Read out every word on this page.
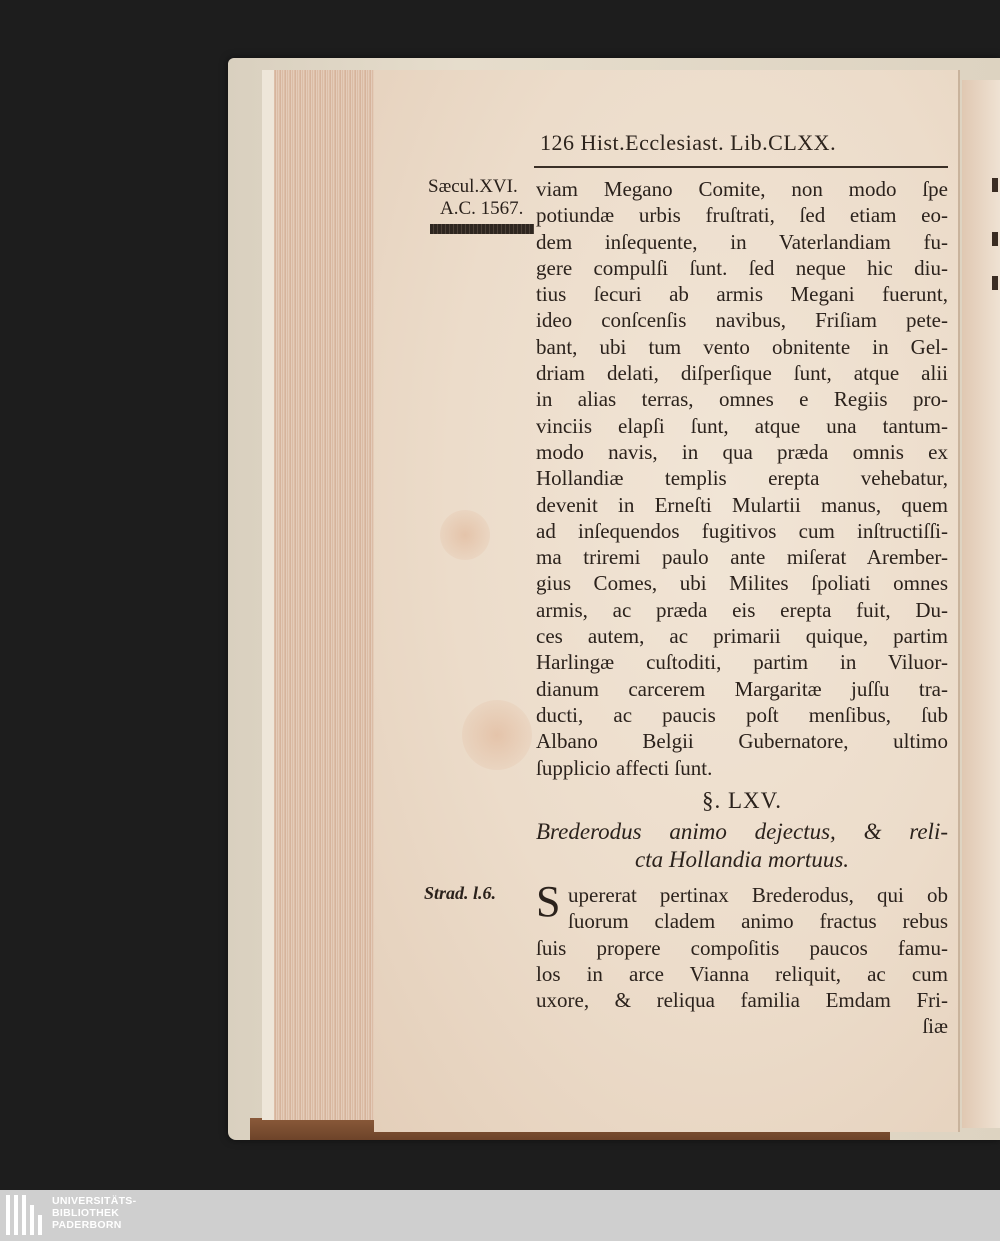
126 Hist.Ecclesiast. Lib.CLXX.
Sæcul.XVI.
A.C. 1567.
viam Megano Comite, non modo ſpe
potiundæ urbis fruſtrati, ſed etiam eo-
dem inſequente, in Vaterlandiam fu-
gere compulſi ſunt. ſed neque hic diu-
tius ſecuri ab armis Megani fuerunt,
ideo conſcenſis navibus, Friſiam pete-
bant, ubi tum vento obnitente in Gel-
driam delati, diſperſique ſunt, atque alii
in alias terras, omnes e Regiis pro-
vinciis elapſi ſunt, atque una tantum-
modo navis, in qua præda omnis ex
Hollandiæ templis erepta vehebatur,
devenit in Erneſti Mulartii manus, quem
ad inſequendos fugitivos cum inſtructiſſi-
ma triremi paulo ante miſerat Arember-
gius Comes, ubi Milites ſpoliati omnes
armis, ac præda eis erepta fuit, Du-
ces autem, ac primarii quique, partim
Harlingæ cuſtoditi, partim in Viluor-
dianum carcerem Margaritæ juſſu tra-
ducti, ac paucis poſt menſibus, ſub
Albano Belgii Gubernatore, ultimo
ſupplicio affecti ſunt.
§. LXV.
Brederodus animo dejectus, & reli-
cta Hollandia mortuus.
Strad. l.6. S upererat pertinax Brederodus, qui ob
ſuorum cladem animo fractus rebus
ſuis propere compoſitis paucos famu-
los in arce Vianna reliquit, ac cum
uxore, & reliqua familia Emdam Fri-
ſiæ
UNIVERSITÄTS-
BIBLIOTHEK
PADERBORN
